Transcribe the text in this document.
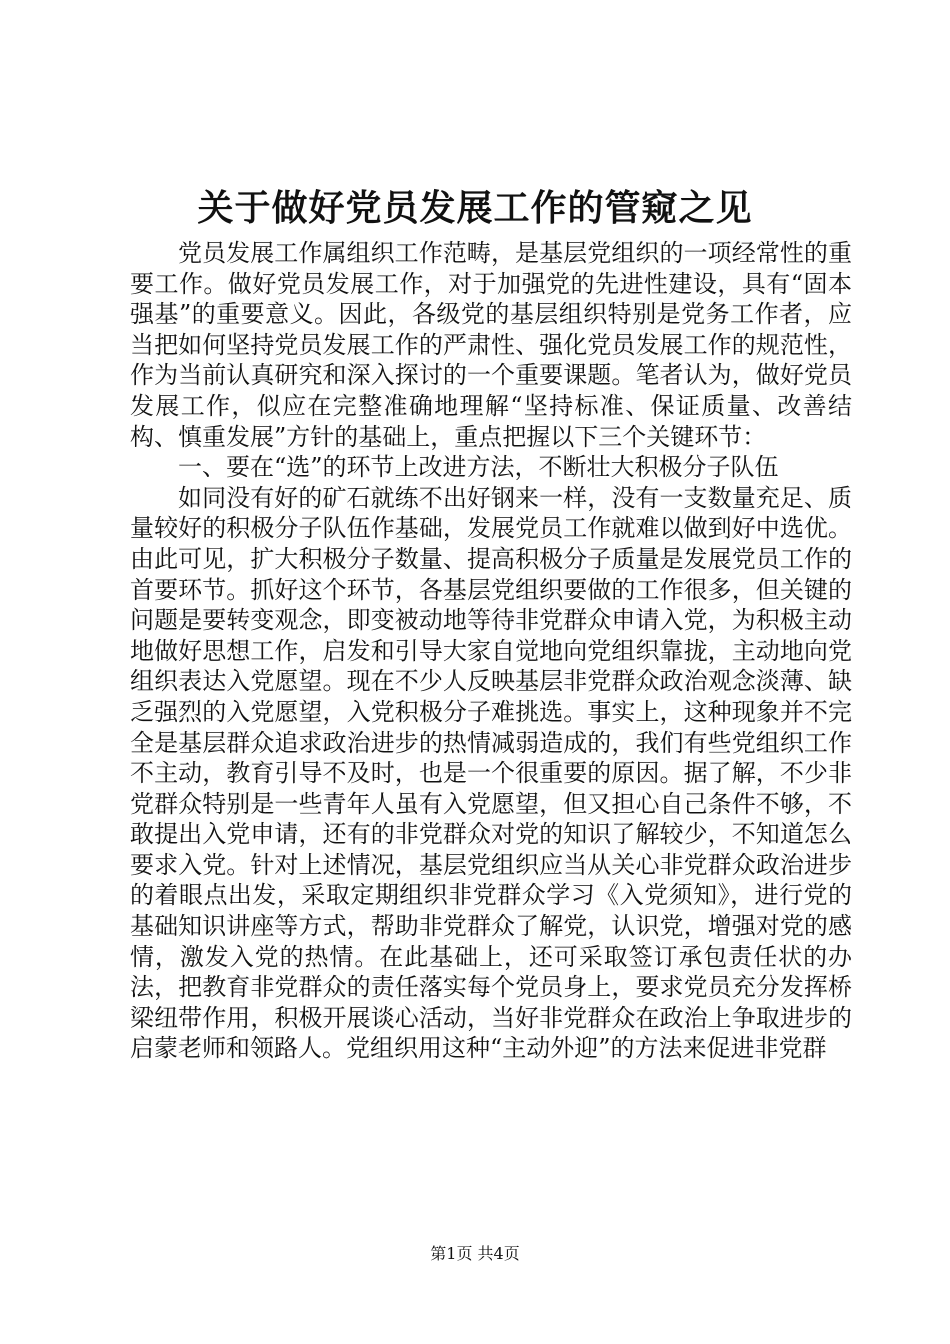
关于做好党员发展工作的管窥之见

党员发展工作属组织工作范畴，是基层党组织的一项经常性的重要工作。做好党员发展工作，对于加强党的先进性建设，具有“固本强基”的重要意义。因此，各级党的基层组织特别是党务工作者，应当把如何坚持党员发展工作的严肃性、强化党员发展工作的规范性，作为当前认真研究和深入探讨的一个重要课题。笔者认为，做好党员发展工作，似应在完整准确地理解“坚持标准、保证质量、改善结构、慎重发展”方针的基础上，重点把握以下三个关键环节：

一、要在“选”的环节上改进方法，不断壮大积极分子队伍

如同没有好的矿石就练不出好钢来一样，没有一支数量充足、质量较好的积极分子队伍作基础，发展党员工作就难以做到好中选优。由此可见，扩大积极分子数量、提高积极分子质量是发展党员工作的首要环节。抓好这个环节，各基层党组织要做的工作很多，但关键的问题是要转变观念，即变被动地等待非党群众申请入党，为积极主动地做好思想工作，启发和引导大家自觉地向党组织靠拢，主动地向党组织表达入党愿望。现在不少人反映基层非党群众政治观念淡薄、缺乏强烈的入党愿望，入党积极分子难挑选。事实上，这种现象并不完全是基层群众追求政治进步的热情减弱造成的，我们有些党组织工作不主动，教育引导不及时，也是一个很重要的原因。据了解，不少非党群众特别是一些青年人虽有入党愿望，但又担心自己条件不够，不敢提出入党申请，还有的非党群众对党的知识了解较少，不知道怎么要求入党。针对上述情况，基层党组织应当从关心非党群众政治进步的着眼点出发，采取定期组织非党群众学习《入党须知》，进行党的基础知识讲座等方式，帮助非党群众了解党，认识党，增强对党的感情，激发入党的热情。在此基础上，还可采取签订承包责任状的办法，把教育非党群众的责任落实每个党员身上，要求党员充分发挥桥梁纽带作用，积极开展谈心活动，当好非党群众在政治上争取进步的启蒙老师和领路人。党组织用这种“主动外迎”的方法来促进非党群

第1页 共4页
